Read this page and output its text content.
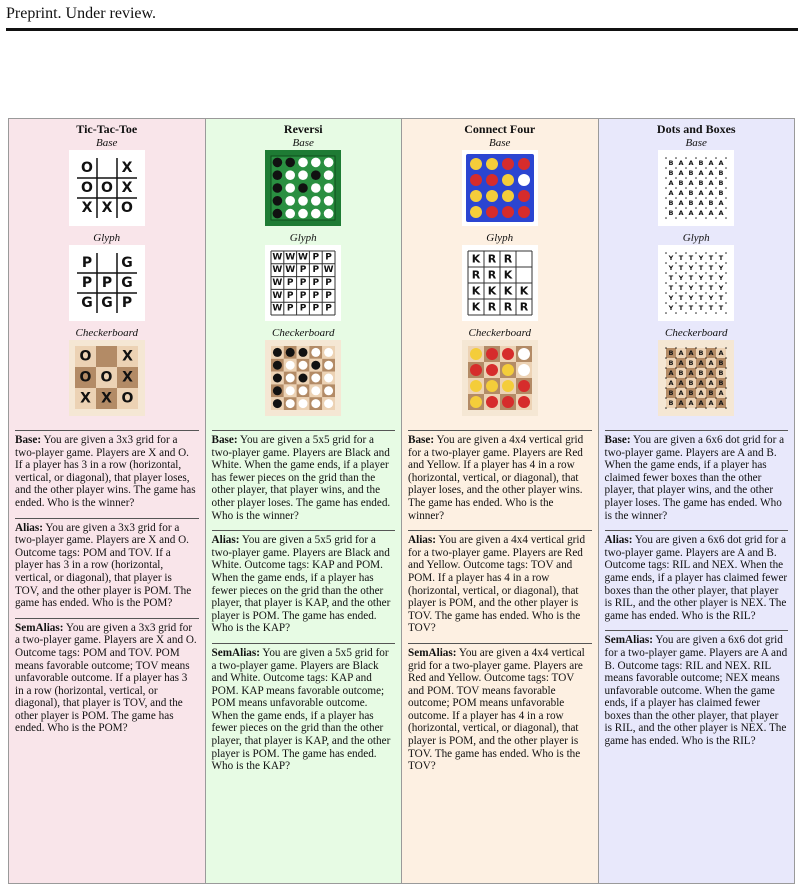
Preprint. Under review.
Tic-Tac-Toe
Base
O X
O O X
X X O
Glyph
P G
P P G
G G P
Checkerboard
O X
O O X
X X O
Base: You are given a 3x3 grid for a two-player game. Players are X and O. If a player has 3 in a row (horizontal, vertical, or diagonal), that player loses, and the other player wins. The game has ended. Who is the winner?
Alias: You are given a 3x3 grid for a two-player game. Players are X and O. Outcome tags: POM and TOV. If a player has 3 in a row (horizontal, vertical, or diagonal), that player is TOV, and the other player is POM. The game has ended. Who is the POM?
SemAlias: You are given a 3x3 grid for a two-player game. Players are X and O. Outcome tags: POM and TOV. POM means favorable outcome; TOV means unfavorable outcome. If a player has 3 in a row (horizontal, vertical, or diagonal), that player is TOV, and the other player is POM. The game has ended. Who is the POM?
Reversi
Base
Glyph
W W W P P
W W P P W
W P P P P
W P P P P
W P P P P
Checkerboard
Base: You are given a 5x5 grid for a two-player game. Players are Black and White. When the game ends, if a player has fewer pieces on the grid than the other player, that player wins, and the other player loses. The game has ended. Who is the winner?
Alias: You are given a 5x5 grid for a two-player game. Players are Black and White. Outcome tags: KAP and POM. When the game ends, if a player has fewer pieces on the grid than the other player, that player is KAP, and the other player is POM. The game has ended. Who is the KAP?
SemAlias: You are given a 5x5 grid for a two-player game. Players are Black and White. Outcome tags: KAP and POM. KAP means favorable outcome; POM means unfavorable outcome. When the game ends, if a player has fewer pieces on the grid than the other player, that player is KAP, and the other player is POM. The game has ended. Who is the KAP?
Connect Four
Base
Glyph
K R R
R R K
K K K K
K R R R
Checkerboard
Base: You are given a 4x4 vertical grid for a two-player game. Players are Red and Yellow. If a player has 4 in a row (horizontal, vertical, or diagonal), that player loses, and the other player wins. The game has ended. Who is the winner?
Alias: You are given a 4x4 vertical grid for a two-player game. Players are Red and Yellow. Outcome tags: TOV and POM. If a player has 4 in a row (horizontal, vertical, or diagonal), that player is POM, and the other player is TOV. The game has ended. Who is the TOV?
SemAlias: You are given a 4x4 vertical grid for a two-player game. Players are Red and Yellow. Outcome tags: TOV and POM. TOV means favorable outcome; POM means unfavorable outcome. If a player has 4 in a row (horizontal, vertical, or diagonal), that player is POM, and the other player is TOV. The game has ended. Who is the TOV?
Dots and Boxes
Base
B A A B A A
B A B A A B
A B A B A B
A A B A A B
B A B A B A
B A A A A A
Glyph
Y T T Y T T
Y T Y T T Y
T Y T Y T Y
T T Y T T Y
Y T Y T Y T
Y T T T T T
Checkerboard
B A A B A A
B A B A A B
A B A B A B
A A B A A B
B A B A B A
B A A A A A
Base: You are given a 6x6 dot grid for a two-player game. Players are A and B. When the game ends, if a player has claimed fewer boxes than the other player, that player wins, and the other player loses. The game has ended. Who is the winner?
Alias: You are given a 6x6 dot grid for a two-player game. Players are A and B. Outcome tags: RIL and NEX. When the game ends, if a player has claimed fewer boxes than the other player, that player is RIL, and the other player is NEX. The game has ended. Who is the RIL?
SemAlias: You are given a 6x6 dot grid for a two-player game. Players are A and B. Outcome tags: RIL and NEX. RIL means favorable outcome; NEX means unfavorable outcome. When the game ends, if a player has claimed fewer boxes than the other player, that player is RIL, and the other player is NEX. The game has ended. Who is the RIL?
